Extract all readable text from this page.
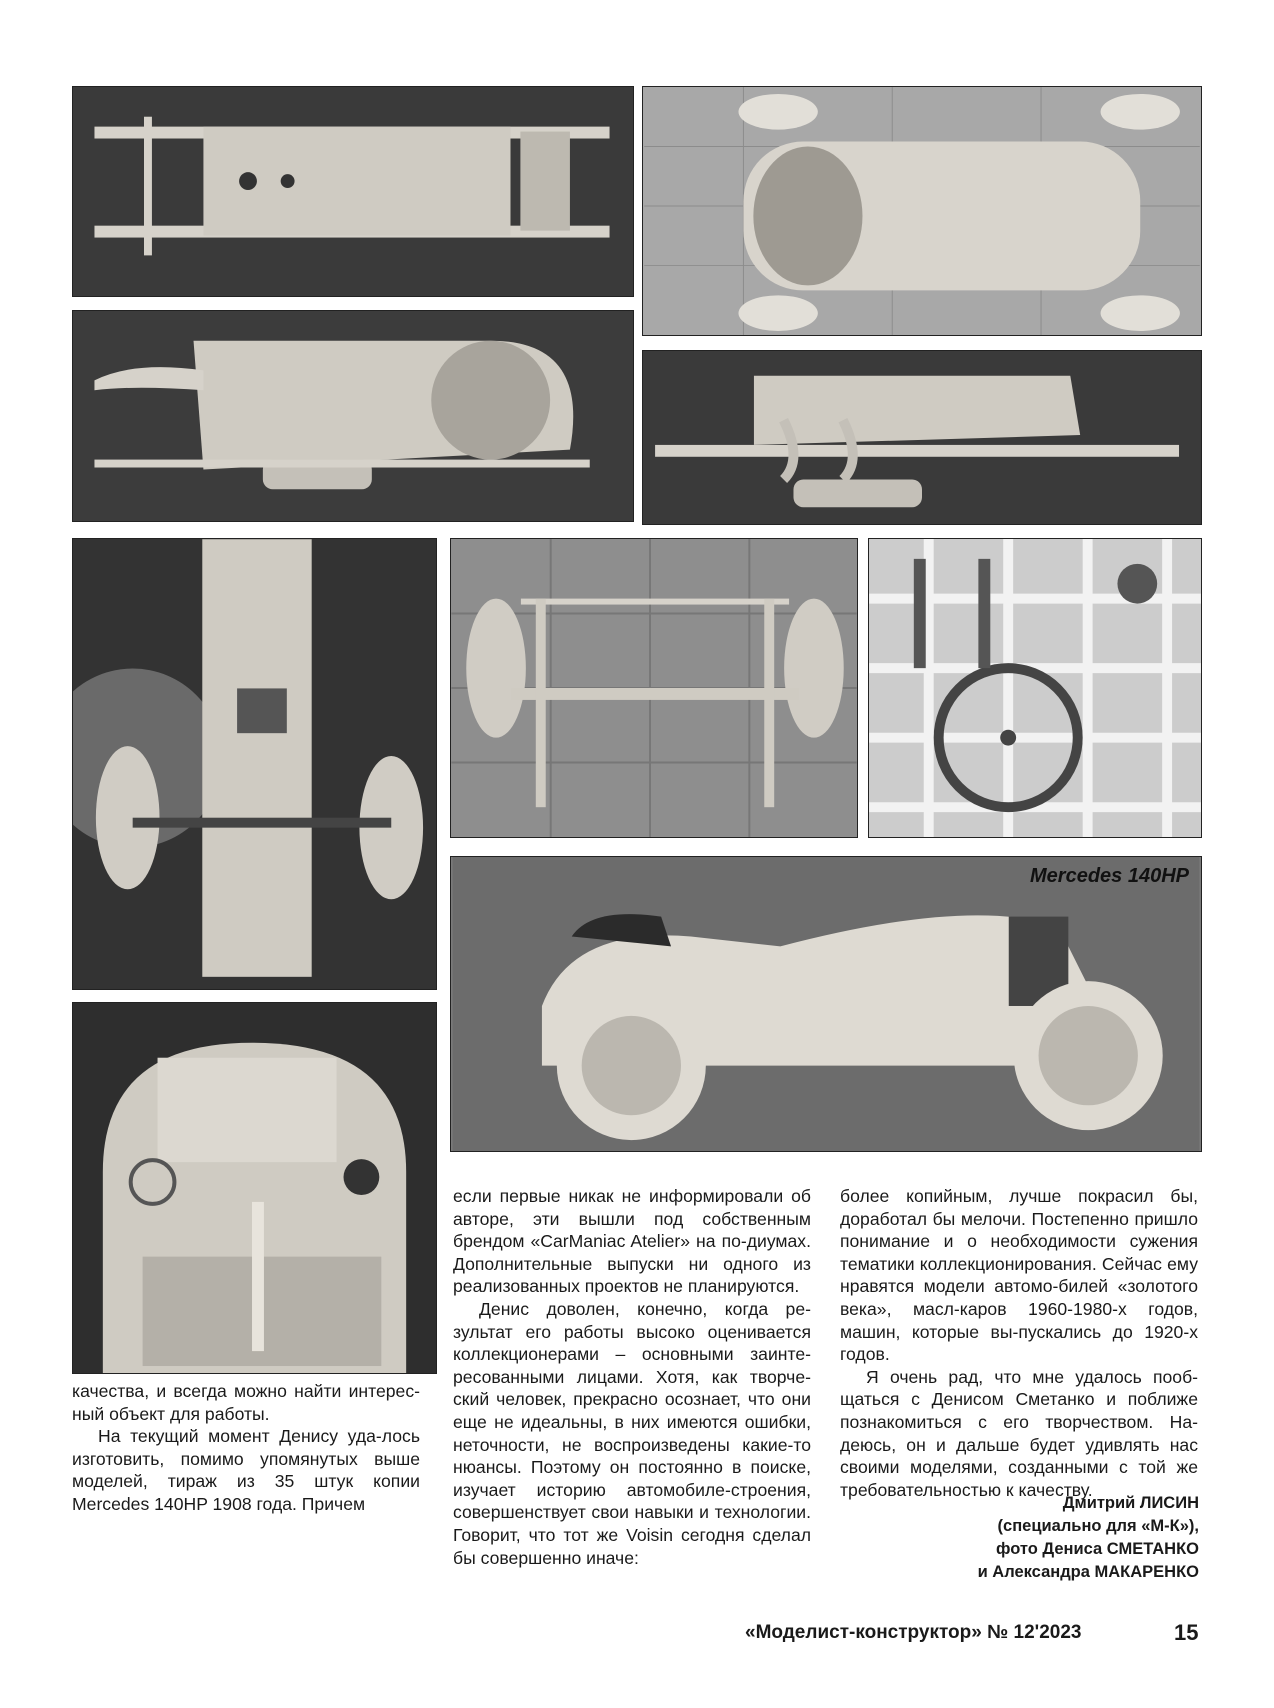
Mercedes 140HP

качества, и всегда можно найти интерес-ный объект для работы.

На текущий момент Денису уда-лось изготовить, помимо упомянутых выше моделей, тираж из 35 штук копии Mercedes 140HP 1908 года. Причем

если первые никак не информировали об авторе, эти вышли под собственным брендом «CarManiac Atelier» на по-диумах. Дополнительные выпуски ни одного из реализованных проектов не планируются.

Денис доволен, конечно, когда ре-зультат его работы высоко оценивается коллекционерами – основными заинте-ресованными лицами. Хотя, как творче-ский человек, прекрасно осознает, что они еще не идеальны, в них имеются ошибки, неточности, не воспроизведены какие-то нюансы. Поэтому он постоянно в поиске, изучает историю автомобиле-строения, совершенствует свои навыки и технологии. Говорит, что тот же Voisin сегодня сделал бы совершенно иначе:

более копийным, лучше покрасил бы, доработал бы мелочи. Постепенно пришло понимание и о необходимости сужения тематики коллекционирования. Сейчас ему нравятся модели автомо-билей «золотого века», масл-каров 1960-1980-х годов, машин, которые вы-пускались до 1920-х годов.

Я очень рад, что мне удалось пооб-щаться с Денисом Сметанко и поближе познакомиться с его творчеством. На-деюсь, он и дальше будет удивлять нас своими моделями, созданными с той же требовательностью к качеству.

Дмитрий ЛИСИН
(специально для «М-К»),
фото Дениса СМЕТАНКО
и Александра МАКАРЕНКО
«Моделист-конструктор» № 12'2023	15
